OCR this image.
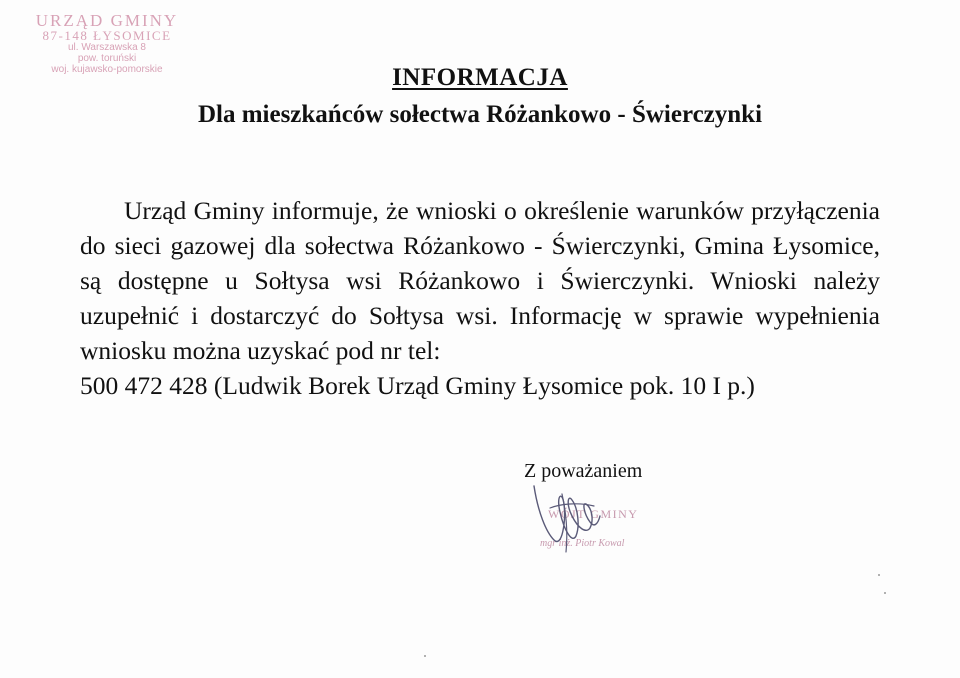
URZĄD GMINY
87-148 ŁYSOMICE
ul. Warszawska 8
pow. toruński
woj. kujawsko-pomorskie	INFORMACJA
Dla mieszkańców sołectwa Różankowo - Świerczynki

Urząd Gminy informuje, że wnioski o określenie warunków przyłączenia do sieci gazowej dla sołectwa Różankowo - Świerczynki, Gmina Łysomice, są dostępne u Sołtysa wsi Różankowo i Świerczynki. Wnioski należy uzupełnić i dostarczyć do Sołtysa wsi. Informację w sprawie wypełnienia wniosku można uzyskać pod nr tel:

500 472 428 (Ludwik Borek Urząd Gminy Łysomice pok. 10 I p.)

Z poważaniem
WÓJT GMINY
mgr inż. Piotr Kowal
